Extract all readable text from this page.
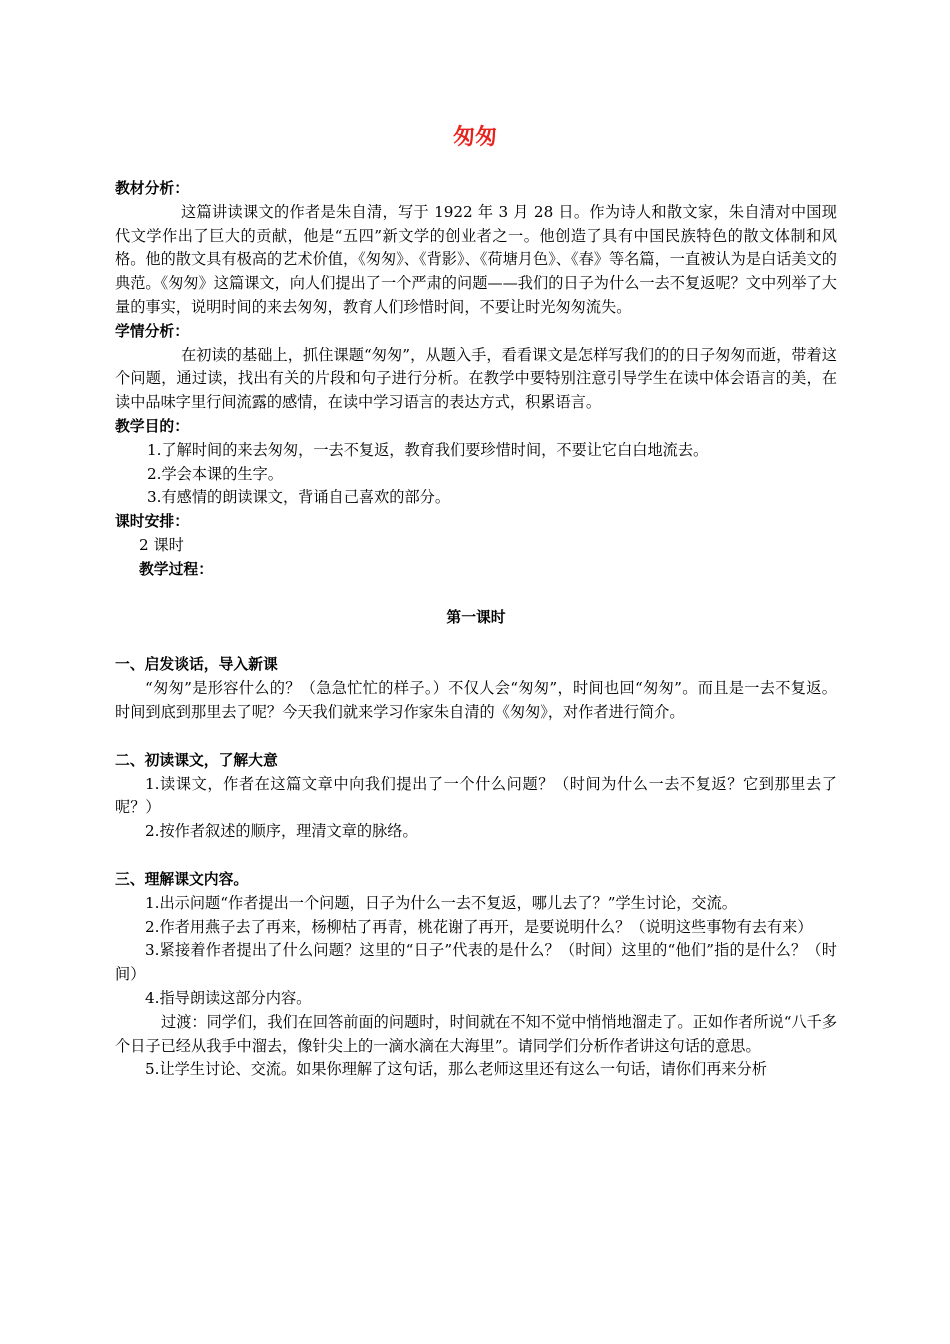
匆匆
教材分析：

这篇讲读课文的作者是朱自清，写于 1922 年 3 月 28 日。作为诗人和散文家，朱自清对中国现代文学作出了巨大的贡献，他是“五四”新文学的创业者之一。他创造了具有中国民族特色的散文体制和风格。他的散文具有极高的艺术价值，《匆匆》、《背影》、《荷塘月色》、《春》等名篇，一直被认为是白话美文的典范。《匆匆》这篇课文，向人们提出了一个严肃的问题——我们的日子为什么一去不复返呢？文中列举了大量的事实，说明时间的来去匆匆，教育人们珍惜时间，不要让时光匆匆流失。

学情分析：

在初读的基础上，抓住课题“匆匆”，从题入手，看看课文是怎样写我们的的日子匆匆而逝，带着这个问题，通过读，找出有关的片段和句子进行分析。在教学中要特别注意引导学生在读中体会语言的美，在读中品味字里行间流露的感情，在读中学习语言的表达方式，积累语言。

教学目的：
1.了解时间的来去匆匆，一去不复返，教育我们要珍惜时间，不要让它白白地流去。
2.学会本课的生字。
3.有感情的朗读课文，背诵自己喜欢的部分。
课时安排：
2 课时
教学过程：
第一课时
一、启发谈话，导入新课

“匆匆”是形容什么的？（急急忙忙的样子。）不仅人会“匆匆”，时间也回“匆匆”。而且是一去不复返。时间到底到那里去了呢？今天我们就来学习作家朱自清的《匆匆》，对作者进行简介。

二、初读课文，了解大意

1.读课文，作者在这篇文章中向我们提出了一个什么问题？（时间为什么一去不复返？它到那里去了呢？）

2.按作者叙述的顺序，理清文章的脉络。

三、理解课文内容。

1.出示问题“作者提出一个问题，日子为什么一去不复返，哪儿去了？”学生讨论，交流。

2.作者用燕子去了再来，杨柳枯了再青，桃花谢了再开，是要说明什么？（说明这些事物有去有来）

3.紧接着作者提出了什么问题？这里的“日子”代表的是什么？（时间）这里的“他们”指的是什么？（时间）

4.指导朗读这部分内容。

过渡：同学们，我们在回答前面的问题时，时间就在不知不觉中悄悄地溜走了。正如作者所说“八千多个日子已经从我手中溜去，像针尖上的一滴水滴在大海里”。请同学们分析作者讲这句话的意思。

5.让学生讨论、交流。如果你理解了这句话，那么老师这里还有这么一句话，请你们再来分析
